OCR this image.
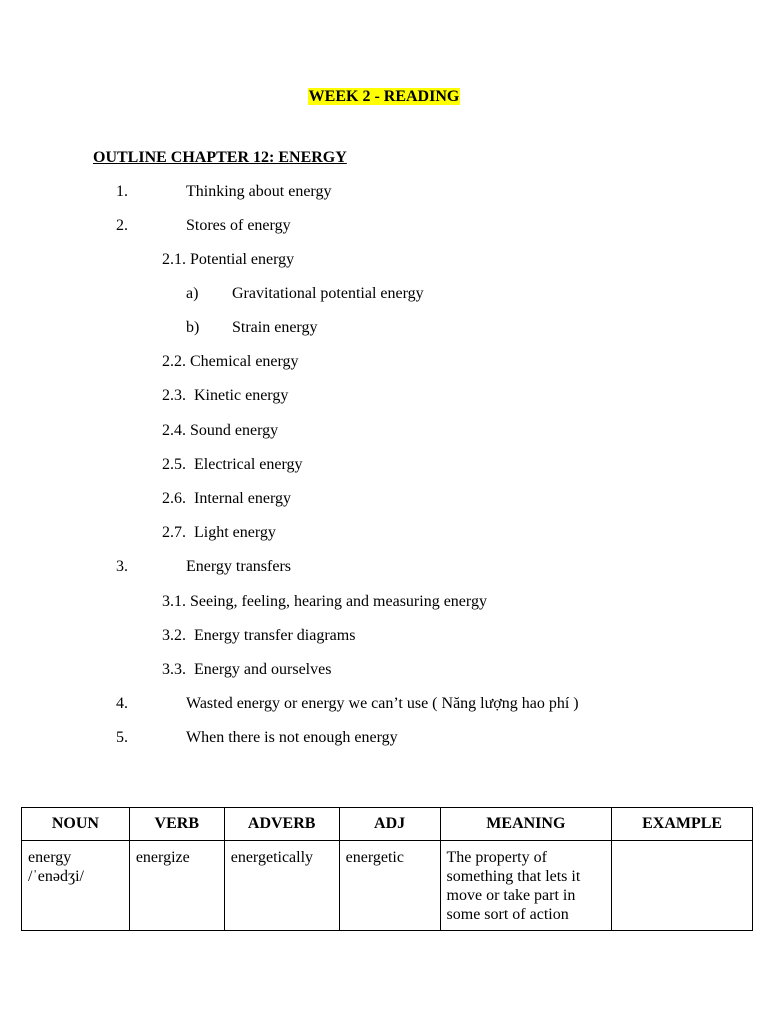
WEEK 2 - READING
OUTLINE CHAPTER 12: ENERGY
1.	Thinking about energy
2.	Stores of energy
2.1. Potential energy
a) Gravitational potential energy
b) Strain energy
2.2. Chemical energy
2.3.  Kinetic energy
2.4. Sound energy
2.5.  Electrical energy
2.6.  Internal energy
2.7.  Light energy
3.	Energy transfers
3.1. Seeing, feeling, hearing and measuring energy
3.2.  Energy transfer diagrams
3.3.  Energy and ourselves
4.	Wasted energy or energy we can’t use ( Năng lượng hao phí )
5.	When there is not enough energy
NOUN	VERB	ADVERB	ADJ	MEANING	EXAMPLE
energy
/ˈenədʒi/	energize	energetically	energetic	The property of something that lets it move or take part in some sort of action	
